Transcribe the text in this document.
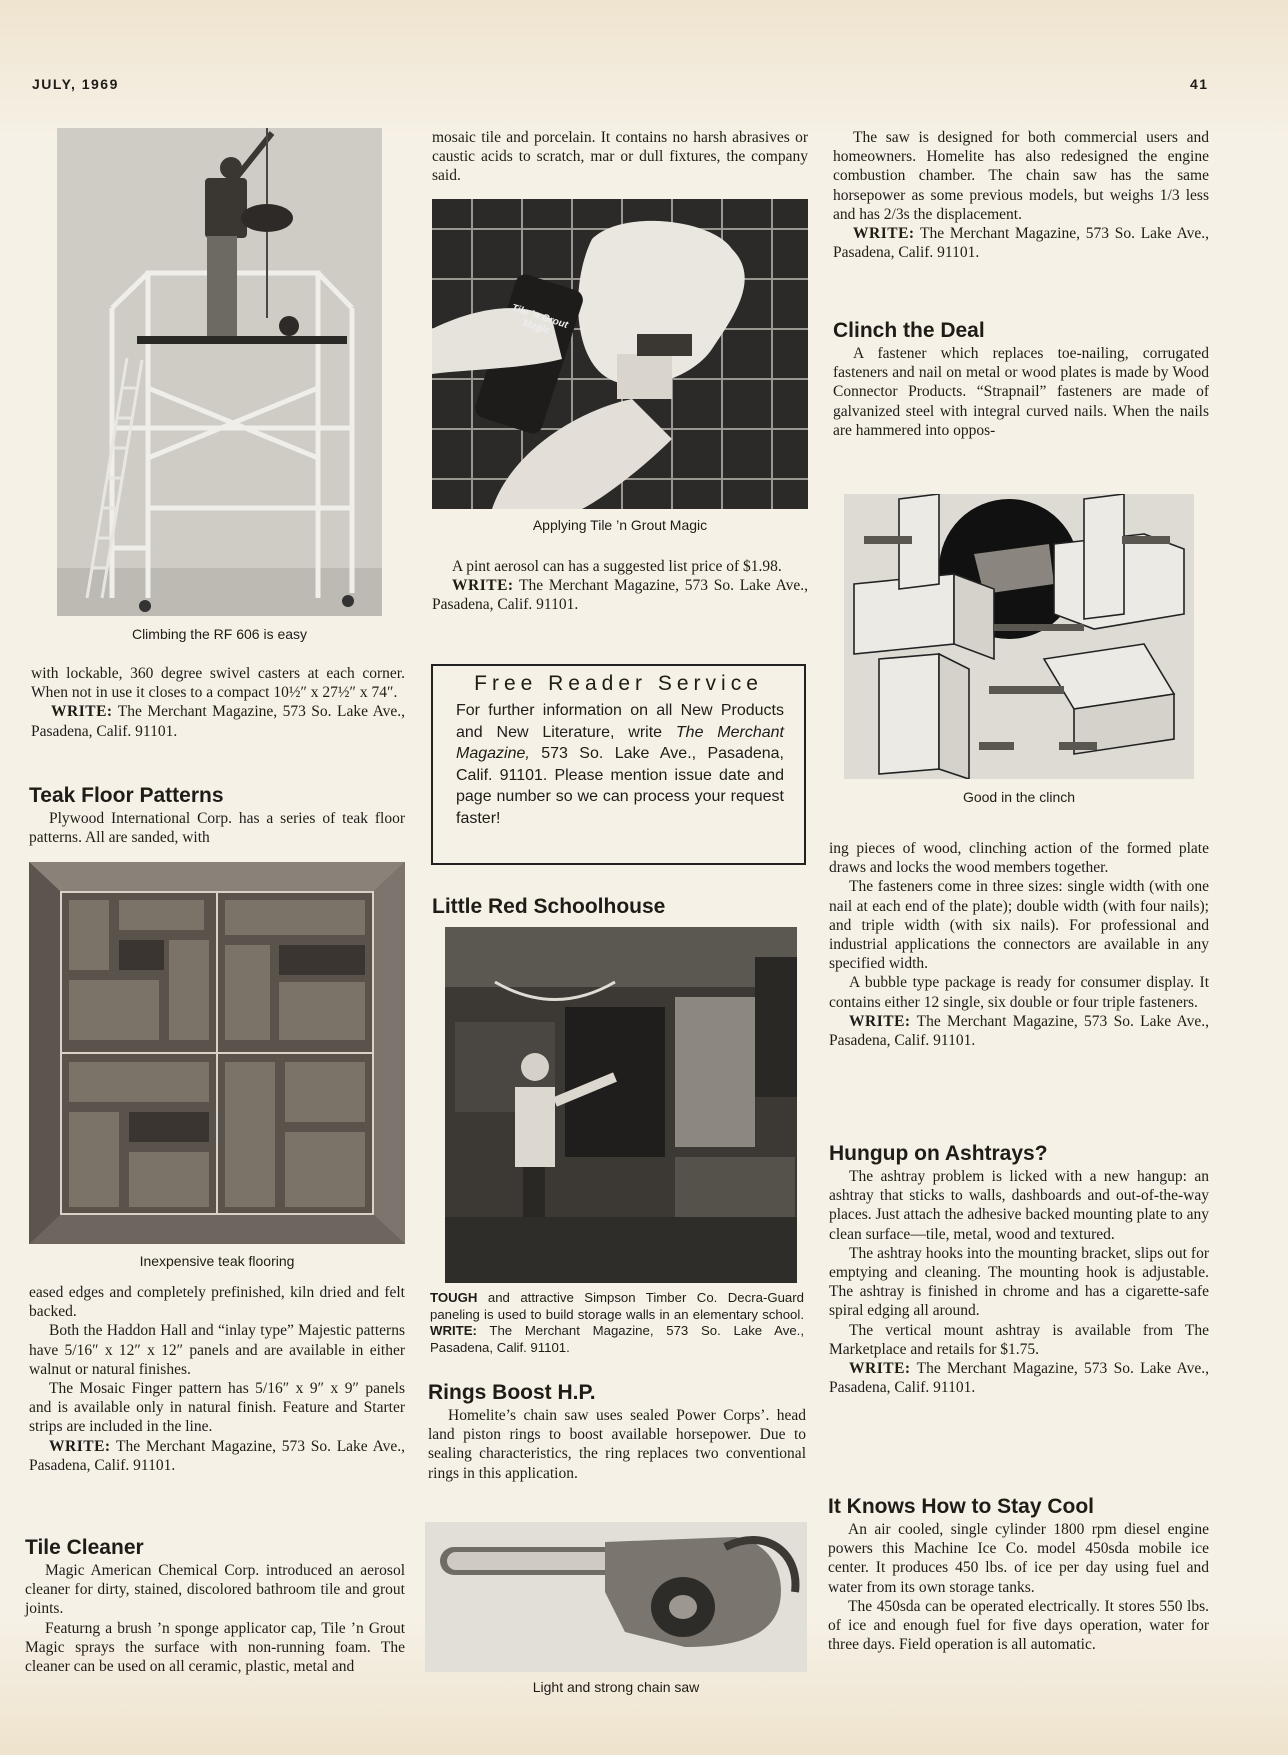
JULY, 1969	41
Climbing the RF 606 is easy

with lockable, 360 degree swivel casters at each corner. When not in use it closes to a compact 10½″ x 27½″ x 74″.

WRITE: The Merchant Magazine, 573 So. Lake Ave., Pasadena, Calif. 91101.

Teak Floor Patterns

Plywood International Corp. has a series of teak floor patterns. All are sanded, with

Inexpensive teak flooring

eased edges and completely prefinished, kiln dried and felt backed.

Both the Haddon Hall and “inlay type” Majestic patterns have 5/16″ x 12″ x 12″ panels and are available in either walnut or natural finishes.

The Mosaic Finger pattern has 5/16″ x 9″ x 9″ panels and is available only in natural finish. Feature and Starter strips are included in the line.

WRITE: The Merchant Magazine, 573 So. Lake Ave., Pasadena, Calif. 91101.

Tile Cleaner

Magic American Chemical Corp. introduced an aerosol cleaner for dirty, stained, discolored bathroom tile and grout joints.

Featurng a brush ’n sponge applicator cap, Tile ’n Grout Magic sprays the surface with non-running foam. The cleaner can be used on all ceramic, plastic, metal and

mosaic tile and porcelain. It contains no harsh abrasives or caustic acids to scratch, mar or dull fixtures, the company said.

Tile ’n Grout Magic
Applying Tile ’n Grout Magic

A pint aerosol can has a suggested list price of $1.98.

WRITE: The Merchant Magazine, 573 So. Lake Ave., Pasadena, Calif. 91101.

Free Reader Service
For further information on all New Products and New Literature, write The Merchant Magazine, 573 So. Lake Ave., Pasadena, Calif. 91101. Please mention issue date and page number so we can process your request faster!
Little Red Schoolhouse
TOUGH and attractive Simpson Timber Co. Decra-Guard paneling is used to build storage walls in an elementary school. WRITE: The Merchant Magazine, 573 So. Lake Ave., Pasadena, Calif. 91101.
Rings Boost H.P.

Homelite’s chain saw uses sealed Power Corps’. head land piston rings to boost available horsepower. Due to sealing characteristics, the ring replaces two conventional rings in this application.

Light and strong chain saw

The saw is designed for both commercial users and homeowners. Homelite has also redesigned the engine combustion chamber. The chain saw has the same horsepower as some previous models, but weighs 1/3 less and has 2/3s the displacement.

WRITE: The Merchant Magazine, 573 So. Lake Ave., Pasadena, Calif. 91101.

Clinch the Deal

A fastener which replaces toe-nailing, corrugated fasteners and nail on metal or wood plates is made by Wood Connector Products. “Strapnail” fasteners are made of galvanized steel with integral curved nails. When the nails are hammered into oppos-

Good in the clinch

ing pieces of wood, clinching action of the formed plate draws and locks the wood members together.

The fasteners come in three sizes: single width (with one nail at each end of the plate); double width (with four nails); and triple width (with six nails). For professional and industrial applications the connectors are available in any specified width.

A bubble type package is ready for consumer display. It contains either 12 single, six double or four triple fasteners.

WRITE: The Merchant Magazine, 573 So. Lake Ave., Pasadena, Calif. 91101.

Hungup on Ashtrays?

The ashtray problem is licked with a new hangup: an ashtray that sticks to walls, dashboards and out-of-the-way places. Just attach the adhesive backed mounting plate to any clean surface—tile, metal, wood and textured.

The ashtray hooks into the mounting bracket, slips out for emptying and cleaning. The mounting hook is adjustable. The ashtray is finished in chrome and has a cigarette-safe spiral edging all around.

The vertical mount ashtray is available from The Marketplace and retails for $1.75.

WRITE: The Merchant Magazine, 573 So. Lake Ave., Pasadena, Calif. 91101.

It Knows How to Stay Cool

An air cooled, single cylinder 1800 rpm diesel engine powers this Machine Ice Co. model 450sda mobile ice center. It produces 450 lbs. of ice per day using fuel and water from its own storage tanks.

The 450sda can be operated electrically. It stores 550 lbs. of ice and enough fuel for five days operation, water for three days. Field operation is all automatic.
